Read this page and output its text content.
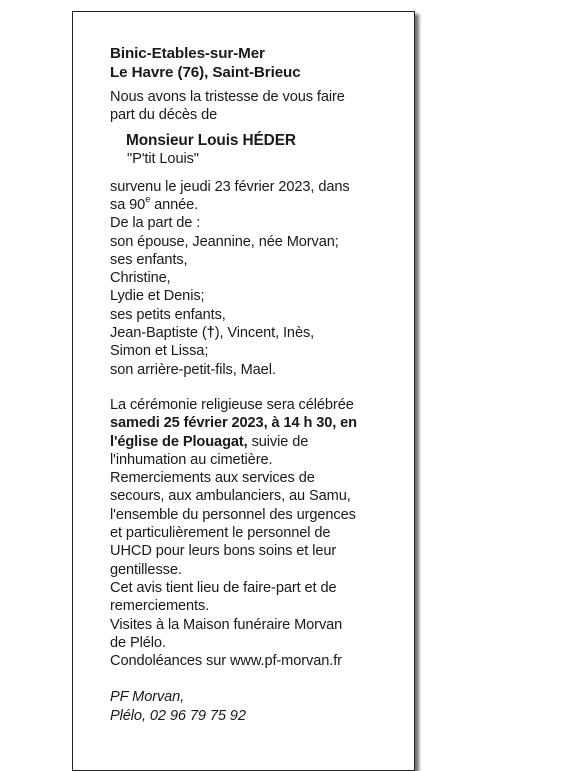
Binic-Etables-sur-Mer
Le Havre (76), Saint-Brieuc
Nous avons la tristesse de vous faire
part du décès de
Monsieur Louis HÉDER
"P'tit Louis"
survenu le jeudi 23 février 2023, dans
sa 90e année.
De la part de :
son épouse, Jeannine, née Morvan;
ses enfants,
Christine,
Lydie et Denis;
ses petits enfants,
Jean-Baptiste (†), Vincent, Inès,
Simon et Lissa;
son arrière-petit-fils, Mael.
La cérémonie religieuse sera célébrée
samedi 25 février 2023, à 14 h 30, en
l'église de Plouagat, suivie de
l'inhumation au cimetière.
Remerciements aux services de
secours, aux ambulanciers, au Samu,
l'ensemble du personnel des urgences
et particulièrement le personnel de
UHCD pour leurs bons soins et leur
gentillesse.
Cet avis tient lieu de faire-part et de
remerciements.
Visites à la Maison funéraire Morvan
de Plélo.
Condoléances sur www.pf-morvan.fr
PF Morvan,
Plélo, 02 96 79 75 92
